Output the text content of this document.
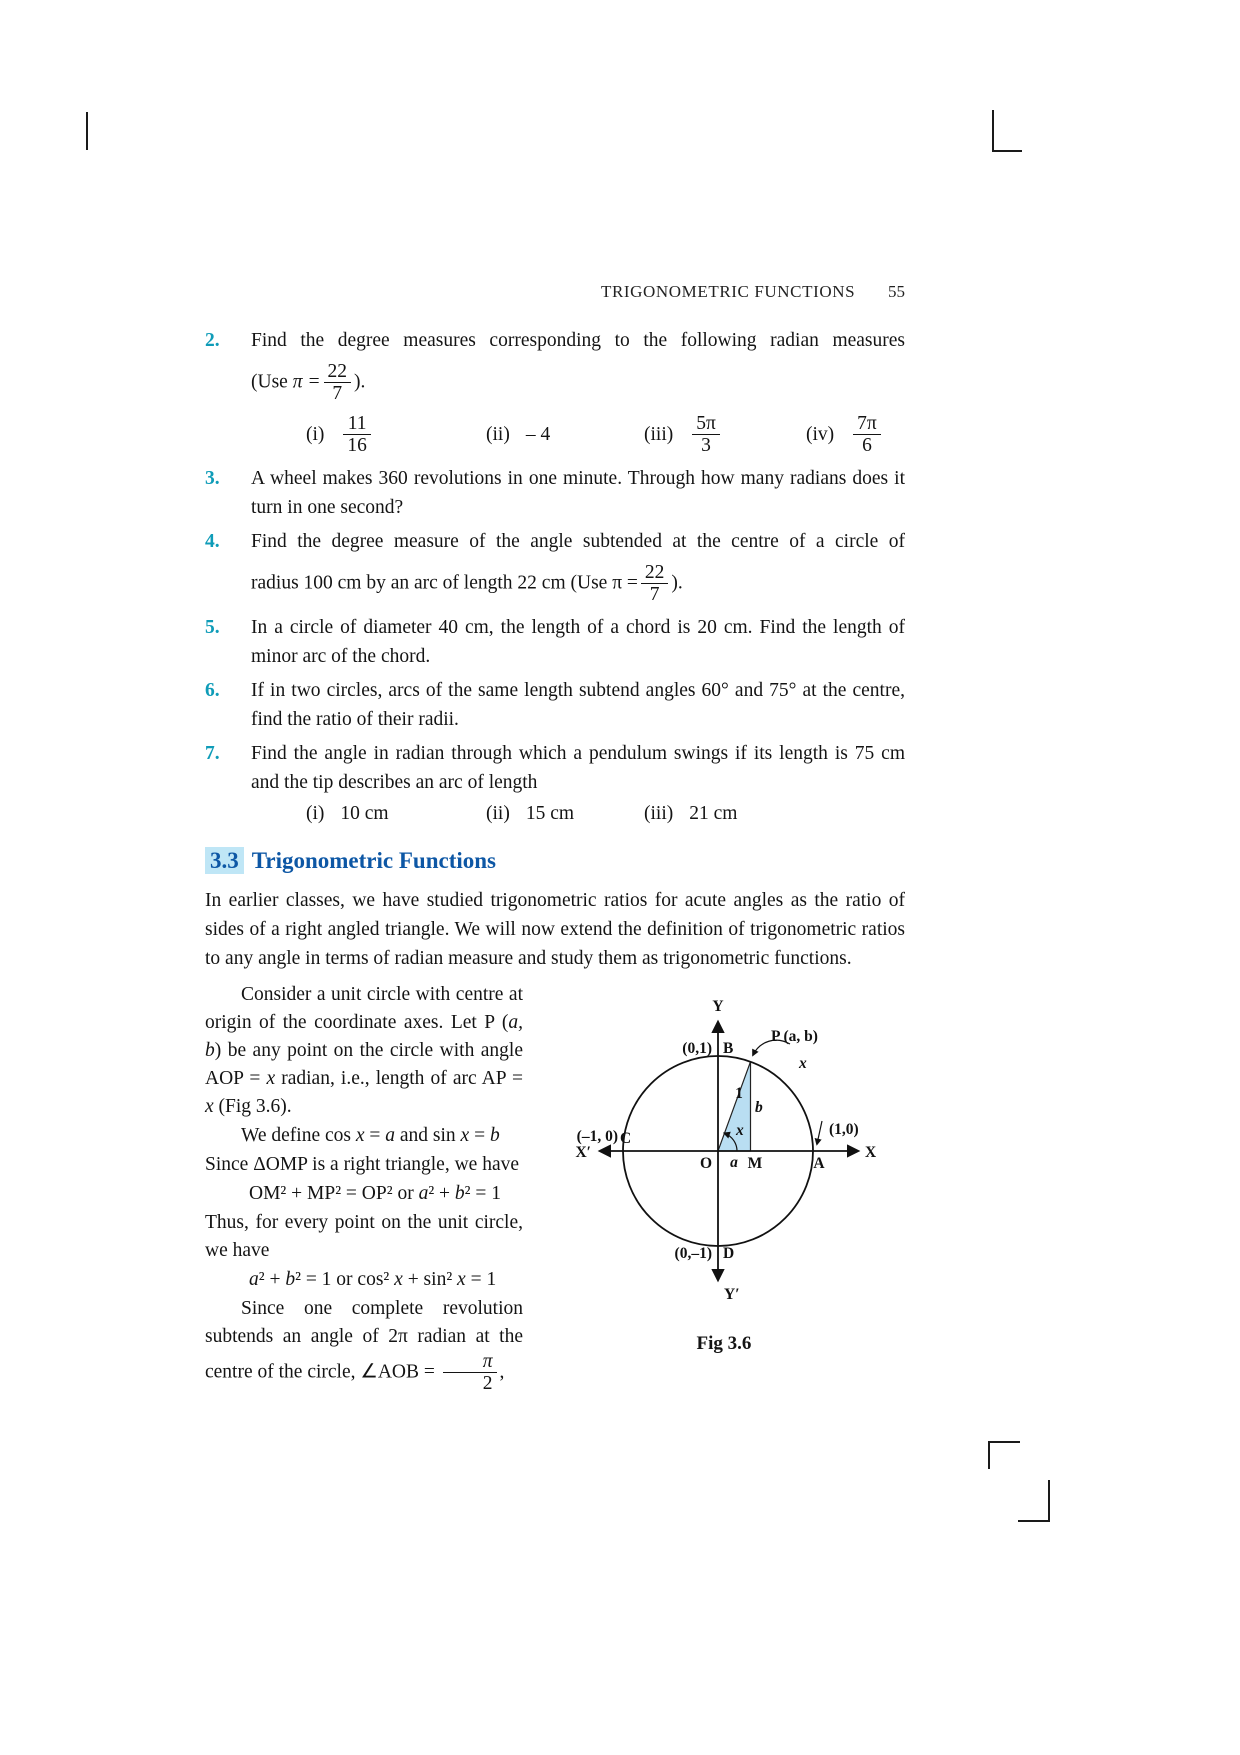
TRIGONOMETRIC FUNCTIONS 55
2.	Find the degree measures corresponding to the following radian measures

(Use $\pi = \frac{22}{7}$ ).

$(i) \frac{11}{16}$	(ii) – 4	$(iii) \frac{5\pi}{3}$	$(iv) \frac{7\pi}{6}$
3.	A wheel makes 360 revolutions in one minute. Through how many radians does it turn in one second?

4.	Find the degree measure of the angle subtended at the centre of a circle of

radius 100 cm by an arc of length 22 cm (Use $\pi = \frac{22}{7}$ ).

5.	In a circle of diameter 40 cm, the length of a chord is 20 cm. Find the length of minor arc of the chord.

6.	If in two circles, arcs of the same length subtend angles 60° and 75° at the centre, find the ratio of their radii.

7.	Find the angle in radian through which a pendulum swings if its length is 75 cm and the tip describes an arc of length

(i) 10 cm	(ii) 15 cm	(iii) 21 cm
3.3 Trigonometric Functions

In earlier classes, we have studied trigonometric ratios for acute angles as the ratio of sides of a right angled triangle. We will now extend the definition of trigonometric ratios to any angle in terms of radian measure and study them as trigonometric functions.

Consider a unit circle with centre at origin of the coordinate axes. Let P (a, b) be any point on the circle with angle AOP = x radian, i.e., length of arc AP = x (Fig 3.6).

We define cos x = a and sin x = b

Since ΔOMP is a right triangle, we have

OM² + MP² = OP² or a² + b² = 1

Thus, for every point on the unit circle, we have

a² + b² = 1 or cos² x + sin² x = 1

Since one complete revolution subtends an angle of 2π radian at the centre of the circle, ∠AOB = $\frac{\pi}{2}$ ,

Y
Y′
X′	X
(0,1) B
P (a, b)
(–1, 0) C
(1,0)
O a M	A
1
b
x
x
(0,–1) D
Fig 3.6
